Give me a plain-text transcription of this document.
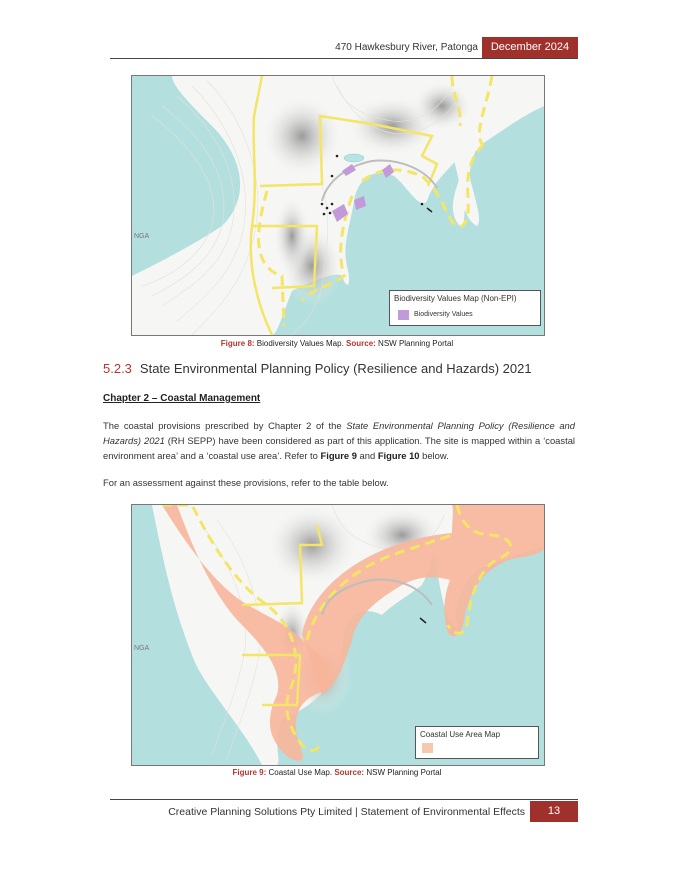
470 Hawkesbury River, Patonga	December 2024
NGA
Biodiversity Values Map (Non-EPI)
Biodiversity Values
Figure 8: Biodiversity Values Map. Source: NSW Planning Portal
5.2.3 State Environmental Planning Policy (Resilience and Hazards) 2021
Chapter 2 – Coastal Management
The coastal provisions prescribed by Chapter 2 of the State Environmental Planning Policy (Resilience and Hazards) 2021 (RH SEPP) have been considered as part of this application. The site is mapped within a ‘coastal environment area’ and a ‘coastal use area’. Refer to Figure 9 and Figure 10 below.
For an assessment against these provisions, refer to the table below.
NGA
Coastal Use Area Map
Figure 9: Coastal Use Map. Source: NSW Planning Portal
Creative Planning Solutions Pty Limited | Statement of Environmental Effects	13
